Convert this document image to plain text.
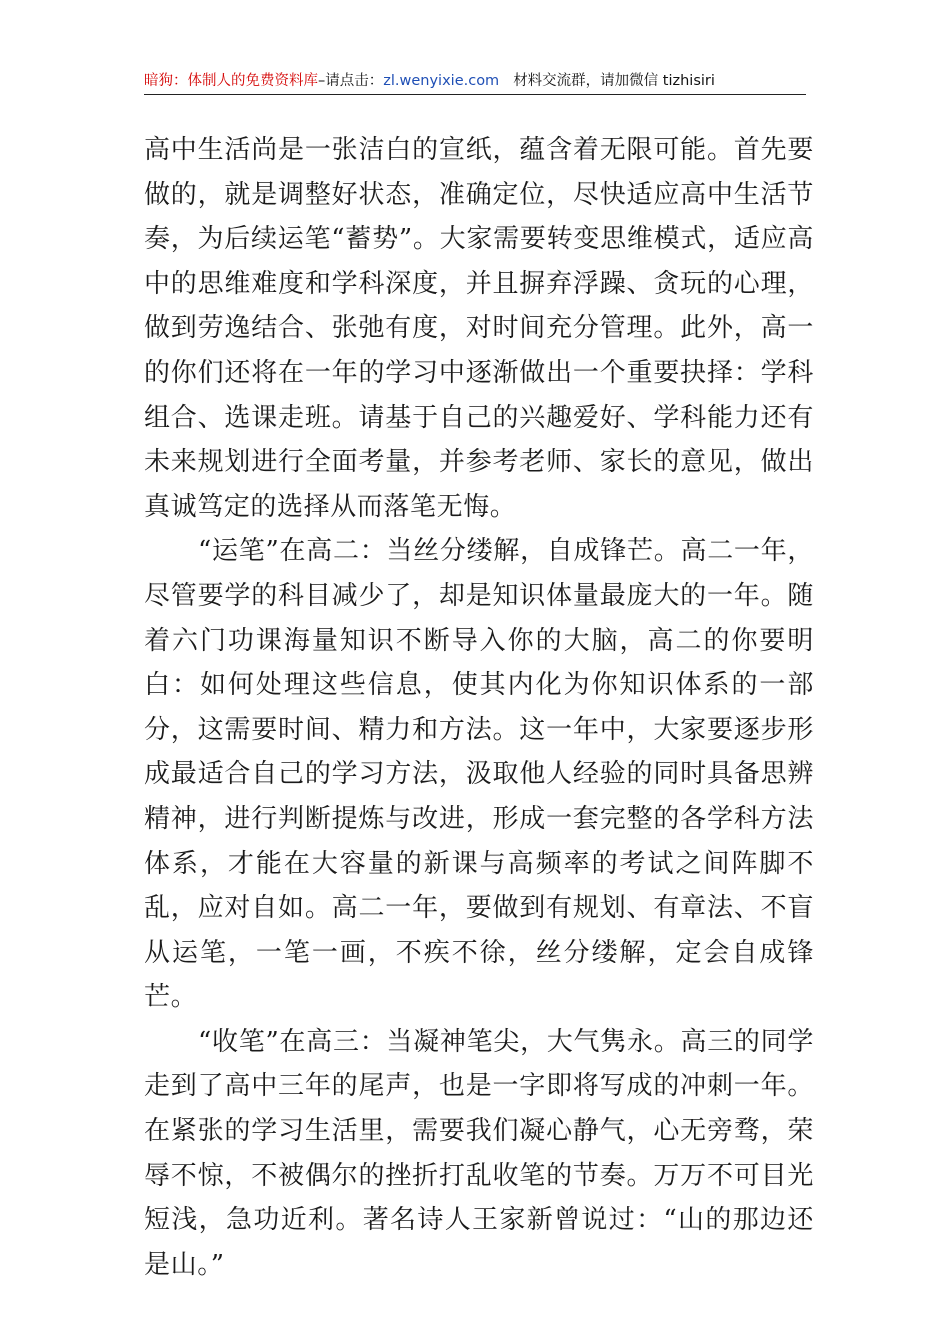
暗狗：体制人的免费资料库–请点击：zl.wenyixie.com 材料交流群，请加微信 tizhisiri

高中生活尚是一张洁白的宣纸，蕴含着无限可能。首先要做的，就是调整好状态，准确定位，尽快适应高中生活节奏，为后续运笔“蓄势”。大家需要转变思维模式，适应高中的思维难度和学科深度，并且摒弃浮躁、贪玩的心理，做到劳逸结合、张弛有度，对时间充分管理。此外，高一的你们还将在一年的学习中逐渐做出一个重要抉择：学科组合、选课走班。请基于自己的兴趣爱好、学科能力还有未来规划进行全面考量，并参考老师、家长的意见，做出真诚笃定的选择从而落笔无悔。

“运笔”在高二：当丝分缕解，自成锋芒。高二一年，尽管要学的科目减少了，却是知识体量最庞大的一年。随着六门功课海量知识不断导入你的大脑，高二的你要明白：如何处理这些信息，使其内化为你知识体系的一部分，这需要时间、精力和方法。这一年中，大家要逐步形成最适合自己的学习方法，汲取他人经验的同时具备思辨精神，进行判断提炼与改进，形成一套完整的各学科方法体系，才能在大容量的新课与高频率的考试之间阵脚不乱，应对自如。高二一年，要做到有规划、有章法、不盲从运笔，一笔一画，不疾不徐，丝分缕解，定会自成锋芒。

“收笔”在高三：当凝神笔尖，大气隽永。高三的同学走到了高中三年的尾声，也是一字即将写成的冲刺一年。在紧张的学习生活里，需要我们凝心静气，心无旁骛，荣辱不惊，不被偶尔的挫折打乱收笔的节奏。万万不可目光短浅，急功近利。著名诗人王家新曾说过：“山的那边还是山。”
